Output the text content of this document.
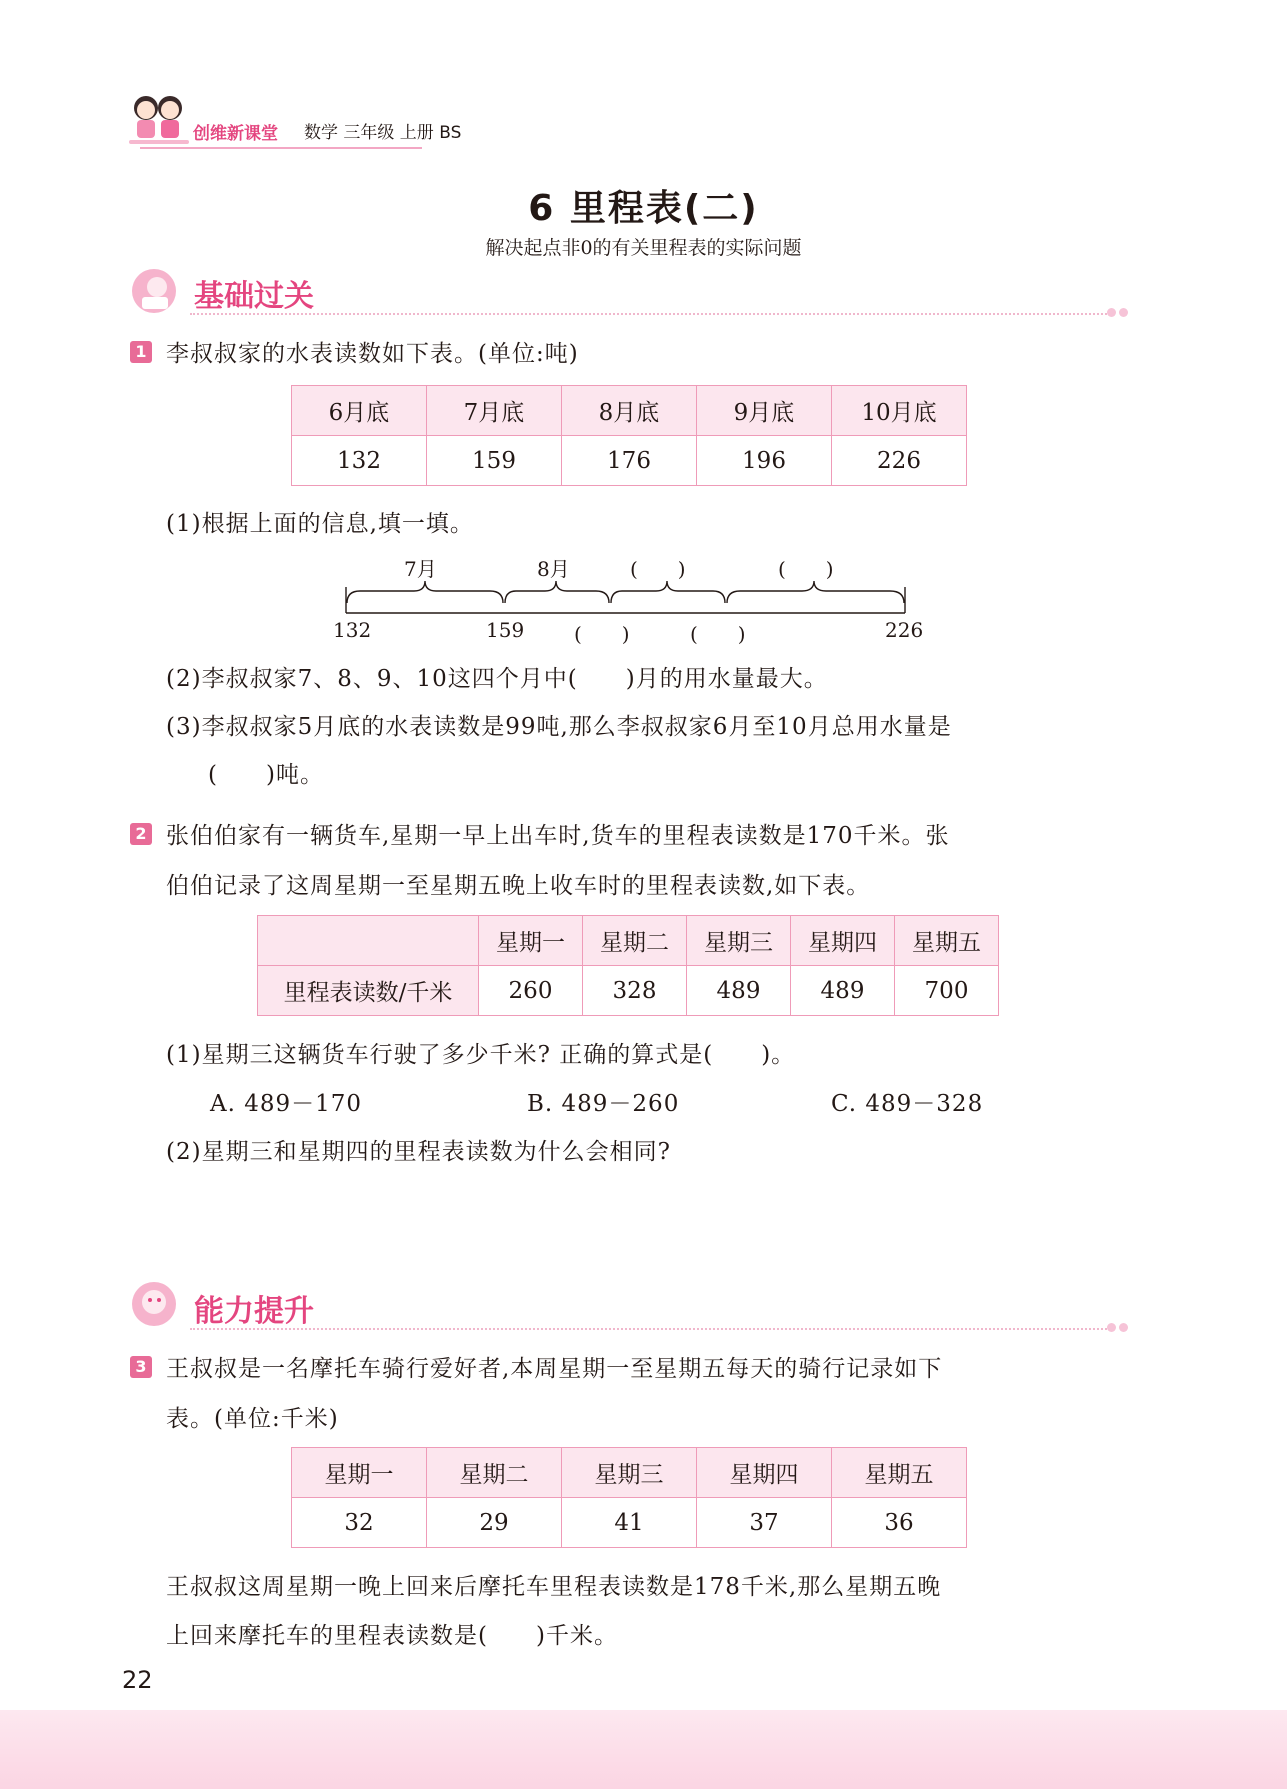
创维新课堂 数学 三年级 上册 BS
6 里程表(二)
解决起点非0的有关里程表的实际问题
基础过关
1 李叔叔家的水表读数如下表。(单位:吨)
6月底	7月底	8月底	9月底	10月底
132	159	176	196	226
(1)根据上面的信息,填一填。
7月	8月	(　　)	(　　)
132	159 (　　)	(　　)	226
(2)李叔叔家7、8、9、10这四个月中(　　)月的用水量最大。
(3)李叔叔家5月底的水表读数是99吨,那么李叔叔家6月至10月总用水量是
(　　)吨。
2 张伯伯家有一辆货车,星期一早上出车时,货车的里程表读数是170千米。张
伯伯记录了这周星期一至星期五晚上收车时的里程表读数,如下表。
	星期一	星期二	星期三	星期四	星期五
里程表读数/千米	260	328	489	489	700
(1)星期三这辆货车行驶了多少千米? 正确的算式是(　　)。
A. 489－170	B. 489－260	C. 489－328
(2)星期三和星期四的里程表读数为什么会相同?
能力提升
3 王叔叔是一名摩托车骑行爱好者,本周星期一至星期五每天的骑行记录如下
表。(单位:千米)
星期一	星期二	星期三	星期四	星期五
32	29	41	37	36
王叔叔这周星期一晚上回来后摩托车里程表读数是178千米,那么星期五晚
上回来摩托车的里程表读数是(　　)千米。
22
